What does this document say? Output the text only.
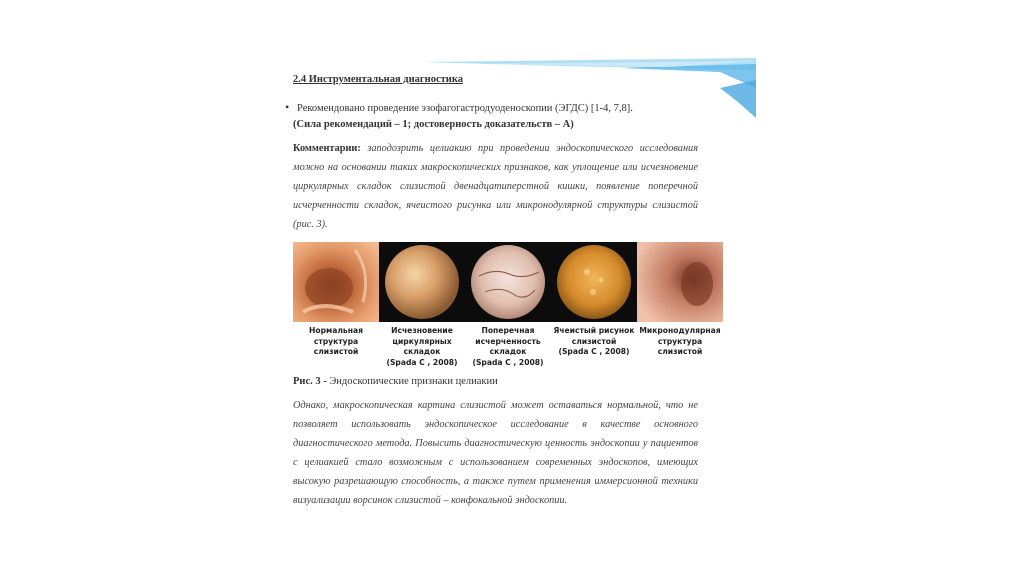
2.4 Инструментальная диагностика
• Рекомендовано проведение эзофагогастродуоденоскопии (ЭГДС) [1-4, 7,8].
(Сила рекомендаций – 1; достоверность доказательств – А)
Комментарии: заподозрить целиакию при проведении эндоскопического исследования можно на основании таких макроскопических признаков, как уплощение или исчезновение циркулярных складок слизистой двенадцатиперстной кишки, появление поперечной исчерченности складок, ячеистого рисунка или микронодулярной структуры слизистой (рис. 3).
Нормальная
структура
слизистой
Исчезновение
циркулярных
складок
(Spada C , 2008)
Поперечная
исчерченность
складок
(Spada C , 2008)
Ячеистый рисунок
слизистой
(Spada C , 2008)
Микронодулярная
структура
слизистой
Рис. 3 - Эндоскопические признаки целиакии
Однако, макроскопическая картина слизистой может оставаться нормальной, что не позволяет использовать эндоскопическое исследование в качестве основного диагностического метода. Повысить диагностическую ценность эндоскопии у пациентов с целиакией стало возможным с использованием современных эндоскопов, имеющих высокую разрешающую способность, а также путем применения иммерсионной техники визуализации ворсинок слизистой – конфокальной эндоскопии.
